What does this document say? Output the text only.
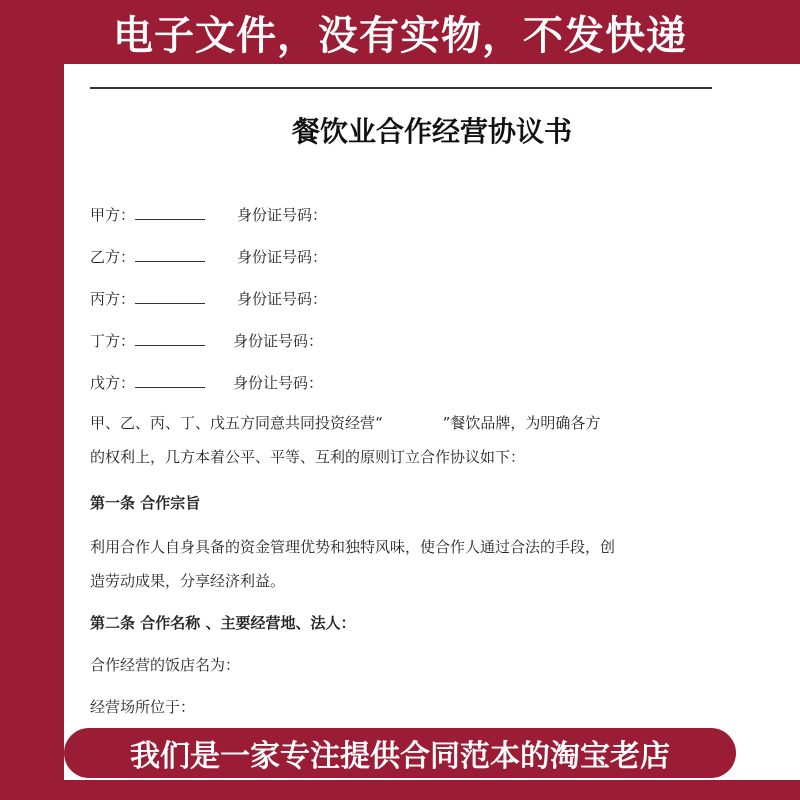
电子文件，没有实物，不发快递
餐饮业合作经营协议书
甲方：	身份证号码：
乙方：	身份证号码：
丙方：	身份证号码：
丁方：	身份证号码：
戊方：	身份让号码：
甲、乙、丙、丁、戊五方同意共同投资经营“　　　　”餐饮品牌，为明确各方
的权利上，几方本着公平、平等、互利的原则订立合作协议如下：
第一条 合作宗旨
利用合作人自身具备的资金管理优势和独特风味，使合作人通过合法的手段，创
造劳动成果，分享经济利益。
第二条 合作名称 、主要经营地、法人：
合作经营的饭店名为：
经营场所位于：
我们是一家专注提供合同范本的淘宝老店
